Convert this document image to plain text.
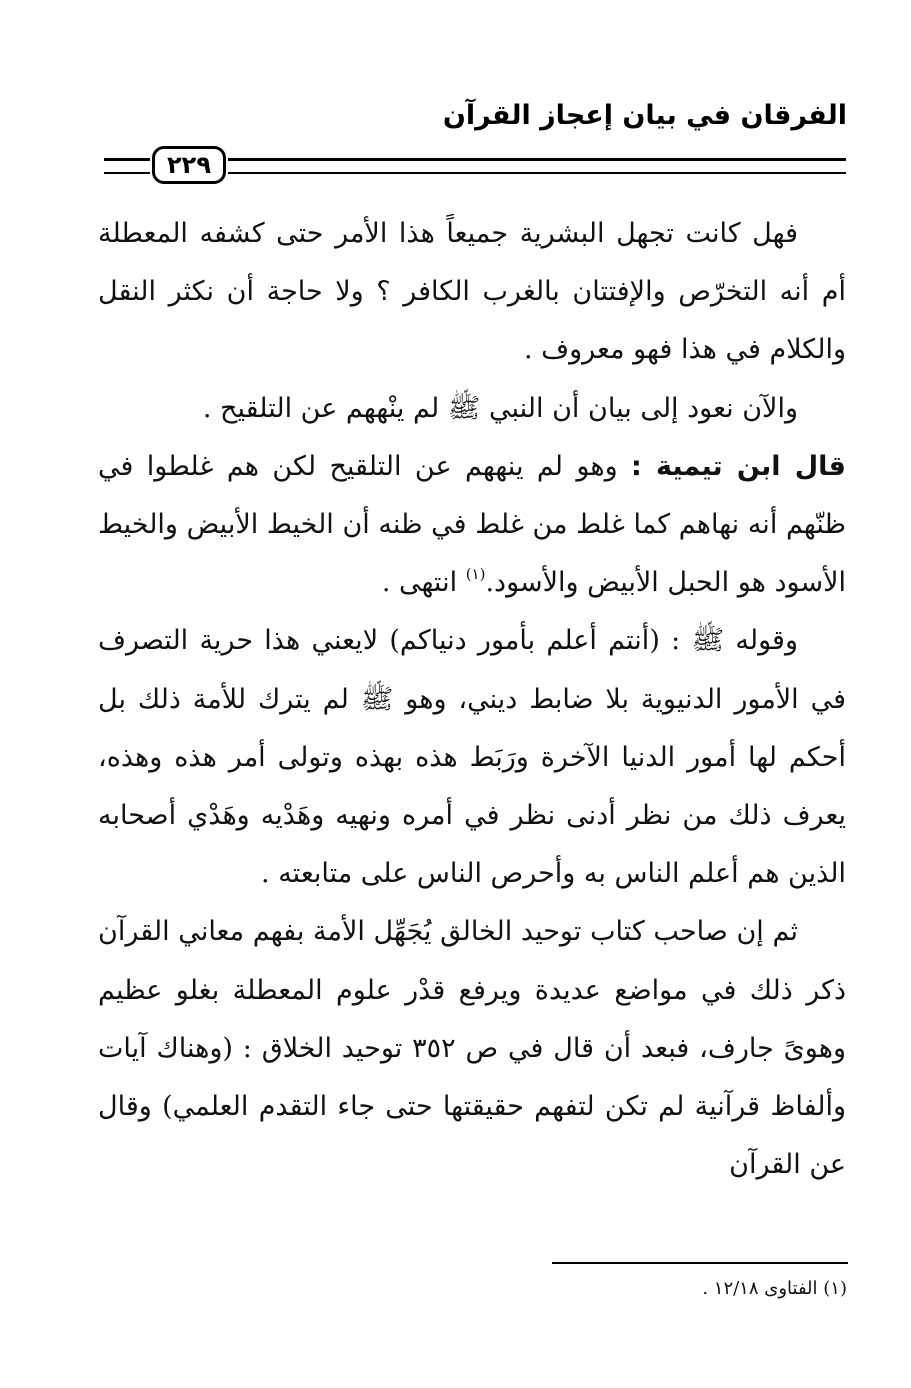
الفرقان في بيان إعجاز القرآن
٢٢٩

فهل كانت تجهل البشرية جميعاً هذا الأمر حتى كشفه المعطلة أم أنه التخرّص والإفتتان بالغرب الكافر ؟ ولا حاجة أن نكثر النقل والكلام في هذا فهو معروف .

والآن نعود إلى بيان أن النبي ﷺ لم ينْههم عن التلقيح .

قال ابن تيمية : وهو لم ينههم عن التلقيح لكن هم غلطوا في ظنّهم أنه نهاهم كما غلط من غلط في ظنه أن الخيط الأبيض والخيط الأسود هو الحبل الأبيض والأسود.$^{(١)}$ انتهى .

وقوله ﷺ : (أنتم أعلم بأمور دنياكم) لايعني هذا حرية التصرف في الأمور الدنيوية بلا ضابط ديني، وهو ﷺ لم يترك للأمة ذلك بل أحكم لها أمور الدنيا الآخرة ورَبَط هذه بهذه وتولى أمر هذه وهذه، يعرف ذلك من نظر أدنى نظر في أمره ونهيه وهَدْيه وهَدْي أصحابه الذين هم أعلم الناس به وأحرص الناس على متابعته .

ثم إن صاحب كتاب توحيد الخالق يُجَهِّل الأمة بفهم معاني القرآن ذكر ذلك في مواضع عديدة ويرفع قدْر علوم المعطلة بغلو عظيم وهوىً جارف، فبعد أن قال في ص ٣٥٢ توحيد الخلاق : (وهناك آيات وألفاظ قرآنية لم تكن لتفهم حقيقتها حتى جاء التقدم العلمي) وقال عن القرآن

(١) الفتاوى ١٢/١٨ .
